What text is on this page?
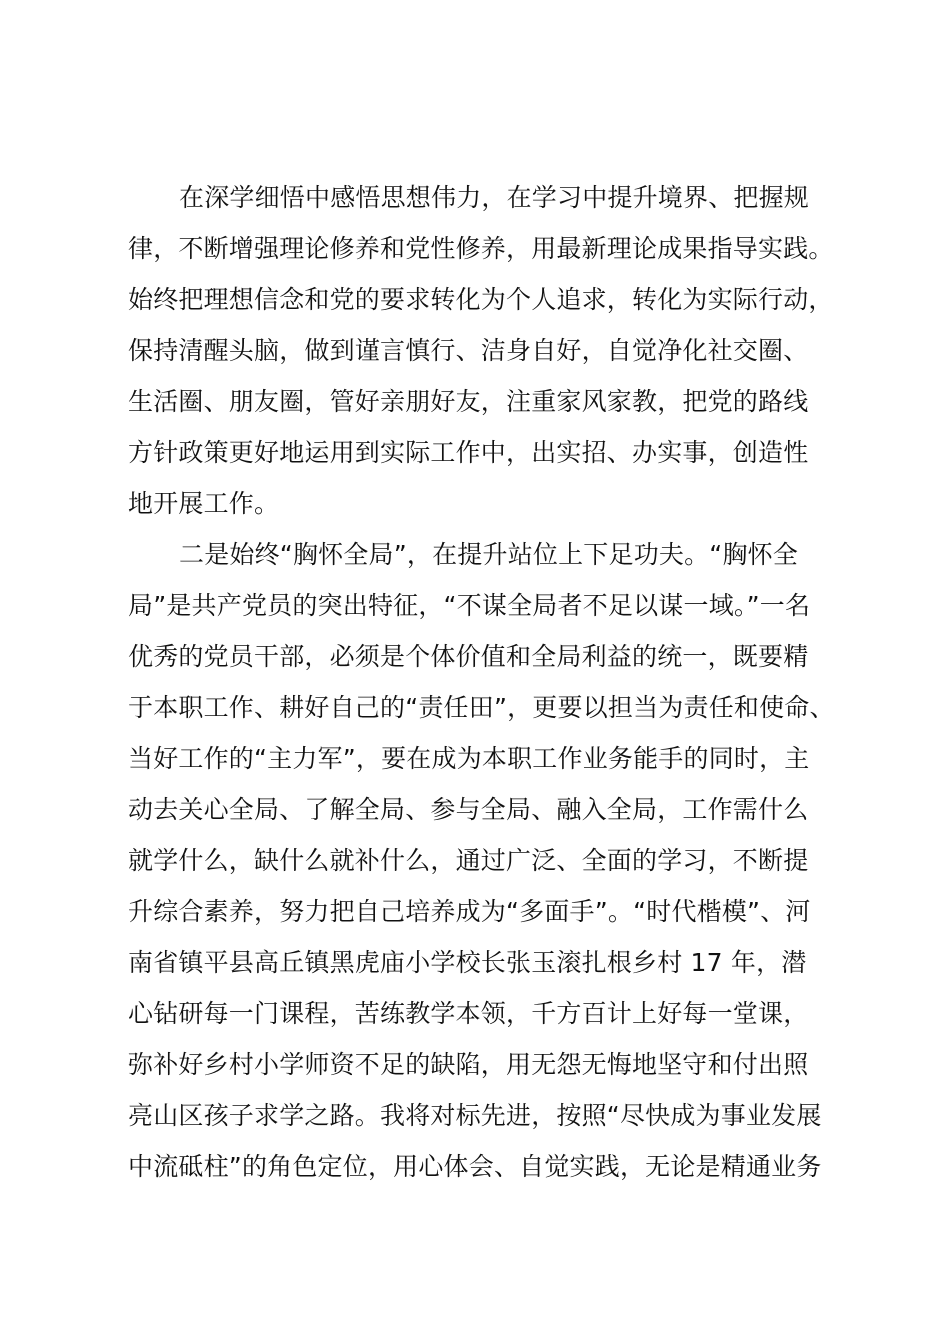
在深学细悟中感悟思想伟力，在学习中提升境界、把握规
律，不断增强理论修养和党性修养，用最新理论成果指导实践。
始终把理想信念和党的要求转化为个人追求，转化为实际行动，
保持清醒头脑，做到谨言慎行、洁身自好，自觉净化社交圈、
生活圈、朋友圈，管好亲朋好友，注重家风家教，把党的路线
方针政策更好地运用到实际工作中，出实招、办实事，创造性
地开展工作。
二是始终“胸怀全局”，在提升站位上下足功夫。“胸怀全
局”是共产党员的突出特征，“不谋全局者不足以谋一域。”一名
优秀的党员干部，必须是个体价值和全局利益的统一，既要精
于本职工作、耕好自己的“责任田”，更要以担当为责任和使命、
当好工作的“主力军”，要在成为本职工作业务能手的同时，主
动去关心全局、了解全局、参与全局、融入全局，工作需什么
就学什么，缺什么就补什么，通过广泛、全面的学习，不断提
升综合素养，努力把自己培养成为“多面手”。“时代楷模”、河
南省镇平县高丘镇黑虎庙小学校长张玉滚扎根乡村 17 年，潜
心钻研每一门课程，苦练教学本领，千方百计上好每一堂课，
弥补好乡村小学师资不足的缺陷，用无怨无悔地坚守和付出照
亮山区孩子求学之路。我将对标先进，按照“尽快成为事业发展
中流砥柱”的角色定位，用心体会、自觉实践，无论是精通业务
